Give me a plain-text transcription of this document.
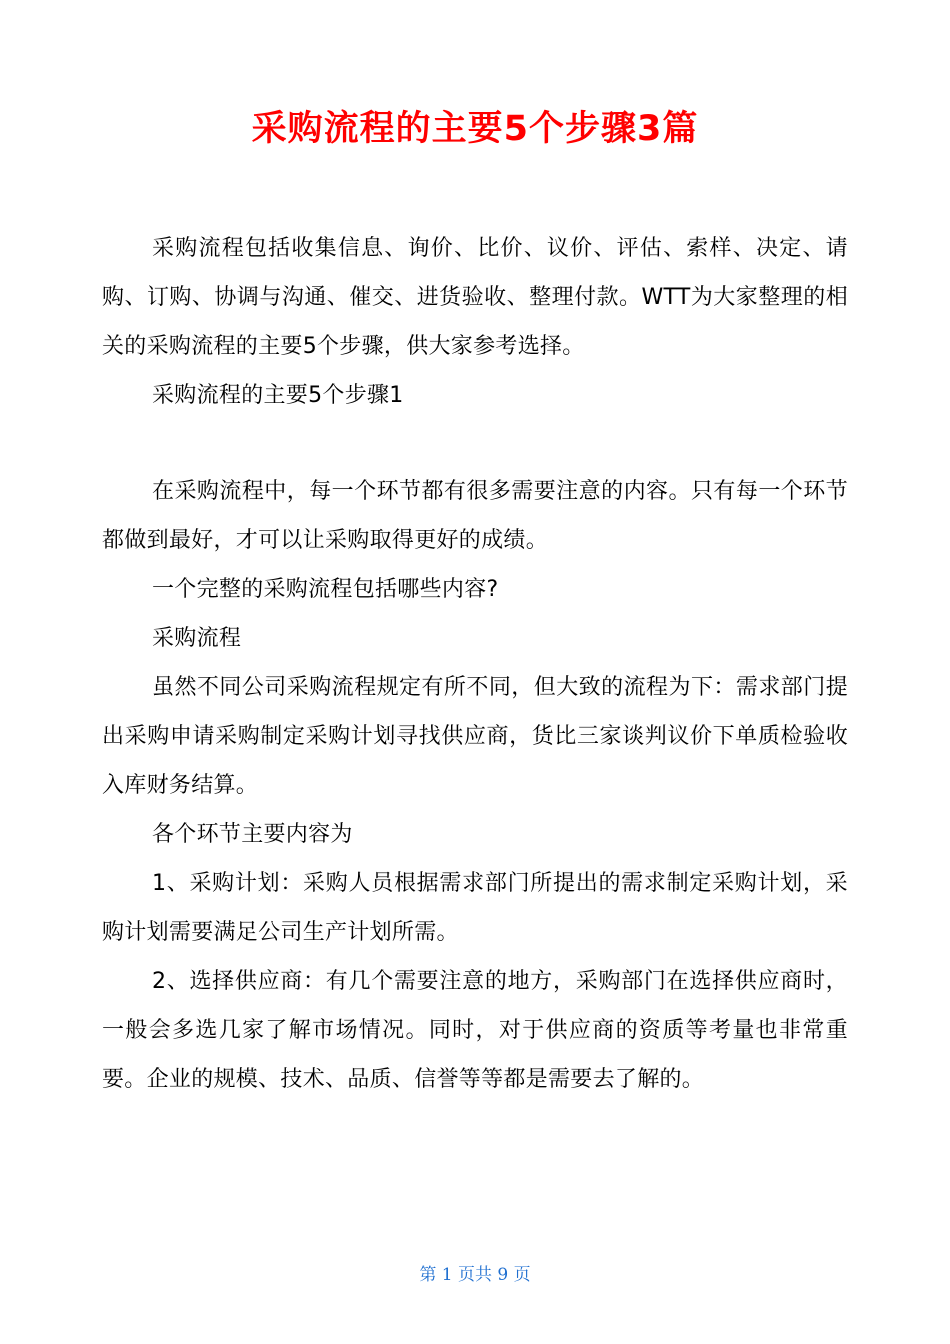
采购流程的主要5个步骤3篇

采购流程包括收集信息、询价、比价、议价、评估、索样、决定、请购、订购、协调与沟通、催交、进货验收、整理付款。WTT为大家整理的相关的采购流程的主要5个步骤，供大家参考选择。

采购流程的主要5个步骤1

在采购流程中，每一个环节都有很多需要注意的内容。只有每一个环节都做到最好，才可以让采购取得更好的成绩。

一个完整的采购流程包括哪些内容?

采购流程

虽然不同公司采购流程规定有所不同，但大致的流程为下：需求部门提出采购申请采购制定采购计划寻找供应商，货比三家谈判议价下单质检验收入库财务结算。

各个环节主要内容为

1、采购计划：采购人员根据需求部门所提出的需求制定采购计划，采购计划需要满足公司生产计划所需。

2、选择供应商：有几个需要注意的地方，采购部门在选择供应商时，一般会多选几家了解市场情况。同时，对于供应商的资质等考量也非常重要。企业的规模、技术、品质、信誉等等都是需要去了解的。

第 1 页共 9 页
